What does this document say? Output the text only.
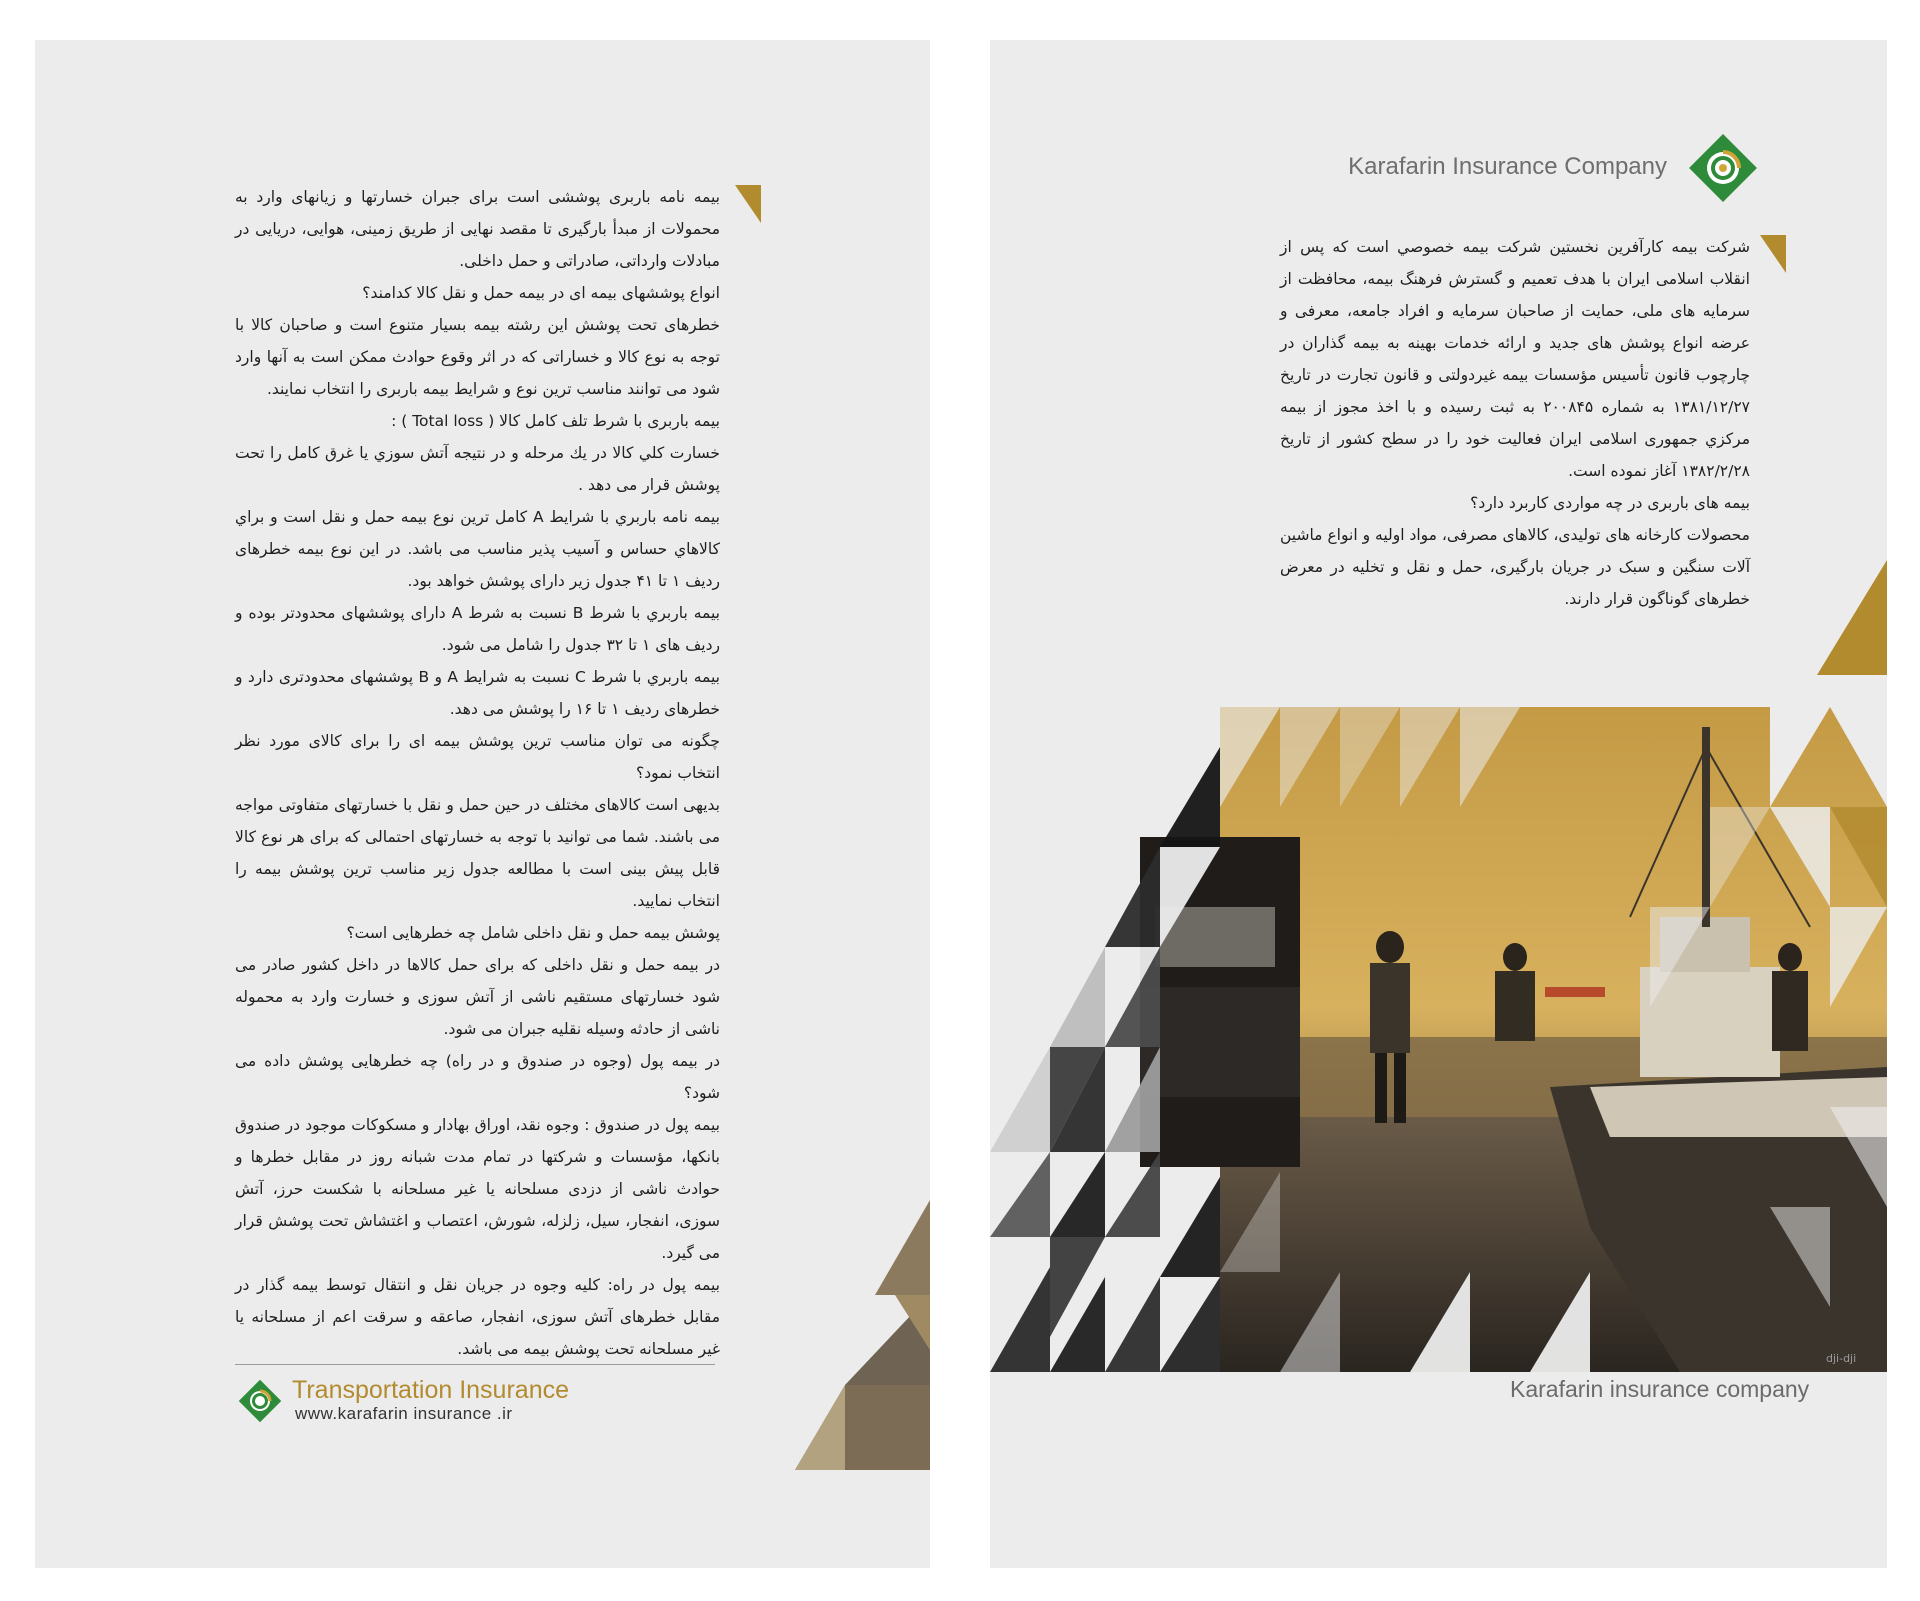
بیمه نامه باربری پوششی است برای جبران خسارتها و زیانهای وارد به محمولات از مبدأ بارگیری تا مقصد نهایی از طریق زمینی، هوایی، دریایی در مبادلات وارداتی، صادراتی و حمل داخلی.

انواع پوششهای بیمه ای در بیمه حمل و نقل کالا کدامند؟

خطرهای تحت پوشش این رشته بیمه بسیار متنوع است و صاحبان کالا با توجه به نوع کالا و خساراتی که در اثر وقوع حوادث ممکن است به آنها وارد شود می توانند مناسب ترین نوع و شرایط بیمه باربری را انتخاب نمایند.

بیمه باربری با شرط تلف کامل کالا ( Total loss ) :

خسارت كلي كالا در يك مرحله و در نتيجه آتش سوزي يا غرق كامل را تحت پوشش قرار می دهد .

بیمه نامه باربري با شرايط A كامل ترين نوع بيمه حمل و نقل است و براي كالاهاي حساس و آسيب پذير مناسب می باشد. در این نوع بیمه خطرهای ردیف ۱ تا ۴۱ جدول زیر دارای پوشش خواهد بود.

بیمه باربري با شرط B نسبت به شرط A دارای پوششهای محدودتر بوده و ردیف های ۱ تا ۳۲ جدول را شامل می شود.

بیمه باربري با شرط C نسبت به شرايط A و B پوششهای محدودتری دارد و خطرهای ردیف ۱ تا ۱۶ را پوشش می دهد.

چگونه می توان مناسب ترین پوشش بیمه ای را برای کالای مورد نظر انتخاب نمود؟

بدیهی است کالاهای مختلف در حین حمل و نقل با خسارتهای متفاوتی مواجه می باشند. شما می توانید با توجه به خسارتهای احتمالی که برای هر نوع کالا قابل پیش بینی است با مطالعه جدول زیر مناسب ترین پوشش بیمه را انتخاب نمایید.

پوشش بیمه حمل و نقل داخلی شامل چه خطرهایی است؟

در بیمه حمل و نقل داخلی که برای حمل کالاها در داخل کشور صادر می شود خسارتهای مستقیم ناشی از آتش سوزی و خسارت وارد به محموله ناشی از حادثه وسیله نقلیه جبران می شود.

در بیمه پول (وجوه در صندوق و در راه) چه خطرهایی پوشش داده می شود؟

بیمه پول در صندوق : وجوه نقد، اوراق بهادار و مسکوکات موجود در صندوق بانکها، مؤسسات و شرکتها در تمام مدت شبانه روز در مقابل خطرها و حوادث ناشی از دزدی مسلحانه یا غیر مسلحانه با شکست حرز، آتش سوزی، انفجار، سیل، زلزله، شورش، اعتصاب و اغتشاش تحت پوشش قرار می گیرد.

بیمه پول در راه: کلیه وجوه در جریان نقل و انتقال توسط بیمه گذار در مقابل خطرهای آتش سوزی، انفجار، صاعقه و سرقت اعم از مسلحانه یا غیر مسلحانه تحت پوشش بیمه می باشد.

Transportation Insurance
www.karafarin insurance .ir
Karafarin Insurance Company

شركت بیمه كارآفرين نخستين شركت بيمه خصوصي است كه پس از انقلاب اسلامی ایران با هدف تعمیم و گسترش فرهنگ بیمه، محافظت از سرمایه های ملی، حمایت از صاحبان سرمایه و افراد جامعه، معرفی و عرضه انواع پوشش های جدید و ارائه خدمات بهینه به بیمه گذاران در چارچوب قانون تأسیس مؤسسات بیمه غیردولتی و قانون تجارت در تاریخ ۱۳۸۱/۱۲/۲۷ به شماره ۲۰۰۸۴۵ به ثبت رسیده و با اخذ مجوز از بيمه مركزي جمهوری اسلامی ایران فعالیت خود را در سطح كشور از تاريخ ۱۳۸۲/۲/۲۸ آغاز نموده است.

بیمه های باربری در چه مواردی کاربرد دارد؟

محصولات کارخانه های تولیدی، کالاهای مصرفی، مواد اولیه و انواع ماشین آلات سنگین و سبک در جریان بارگیری، حمل و نقل و تخلیه در معرض خطرهای گوناگون قرار دارند.

dji-dji
Karafarin insurance company
